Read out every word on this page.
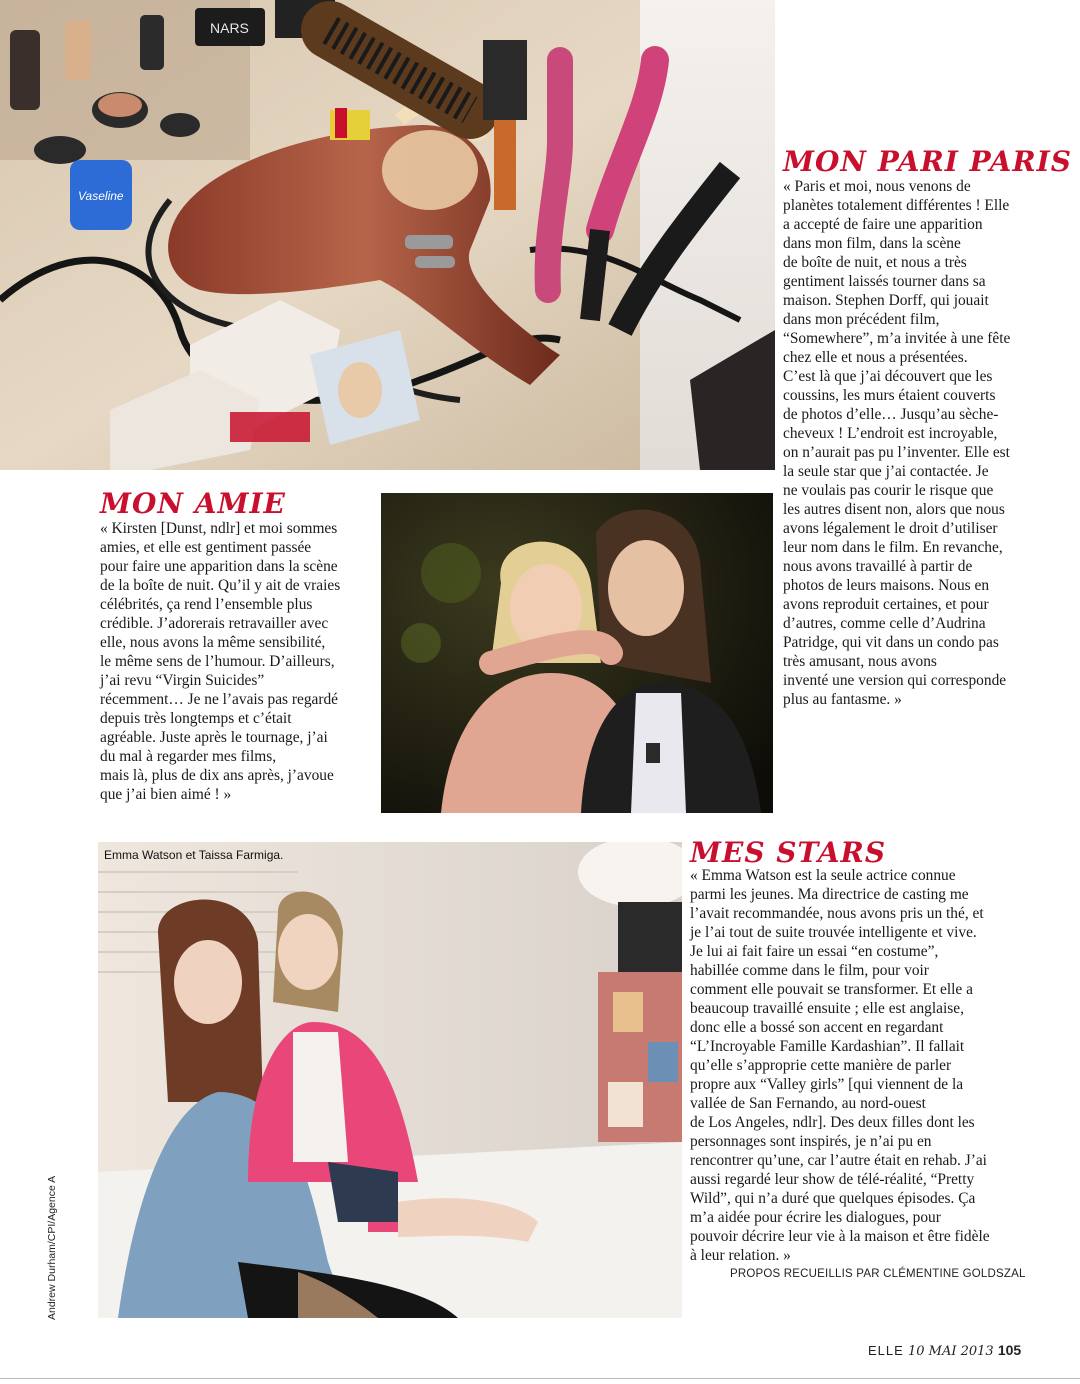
NARS
Vaseline
MON PARI PARIS
« Paris et moi, nous venons de
planètes totalement différentes ! Elle
a accepté de faire une apparition
dans mon film, dans la scène
de boîte de nuit, et nous a très
gentiment laissés tourner dans sa
maison. Stephen Dorff, qui jouait
dans mon précédent film,
“Somewhere”, m’a invitée à une fête
chez elle et nous a présentées.
C’est là que j’ai découvert que les
coussins, les murs étaient couverts
de photos d’elle… Jusqu’au sèche-
cheveux ! L’endroit est incroyable,
on n’aurait pas pu l’inventer. Elle est
la seule star que j’ai contactée. Je
ne voulais pas courir le risque que
les autres disent non, alors que nous
avons légalement le droit d’utiliser
leur nom dans le film. En revanche,
nous avons travaillé à partir de
photos de leurs maisons. Nous en
avons reproduit certaines, et pour
d’autres, comme celle d’Audrina
Patridge, qui vit dans un condo pas
très amusant, nous avons
inventé une version qui corresponde
plus au fantasme. »
MON AMIE
« Kirsten [Dunst, ndlr] et moi sommes
amies, et elle est gentiment passée
pour faire une apparition dans la scène
de la boîte de nuit. Qu’il y ait de vraies
célébrités, ça rend l’ensemble plus
crédible. J’adorerais retravailler avec
elle, nous avons la même sensibilité,
le même sens de l’humour. D’ailleurs,
j’ai revu “Virgin Suicides”
récemment… Je ne l’avais pas regardé
depuis très longtemps et c’était
agréable. Juste après le tournage, j’ai
du mal à regarder mes films,
mais là, plus de dix ans après, j’avoue
que j’ai bien aimé ! »

Emma Watson et Taissa Farmiga.	MES STARS
« Emma Watson est la seule actrice connue
parmi les jeunes. Ma directrice de casting me
l’avait recommandée, nous avons pris un thé, et
je l’ai tout de suite trouvée intelligente et vive.
Je lui ai fait faire un essai “en costume”,
habillée comme dans le film, pour voir
comment elle pouvait se transformer. Et elle a
beaucoup travaillé ensuite ; elle est anglaise,
donc elle a bossé son accent en regardant
“L’Incroyable Famille Kardashian”. Il fallait
qu’elle s’approprie cette manière de parler
propre aux “Valley girls” [qui viennent de la
vallée de San Fernando, au nord-ouest
de Los Angeles, ndlr]. Des deux filles dont les
personnages sont inspirés, je n’ai pu en
rencontrer qu’une, car l’autre était en rehab. J’ai
aussi regardé leur show de télé-réalité, “Pretty
Wild”, qui n’a duré que quelques épisodes. Ça
m’a aidée pour écrire les dialogues, pour
pouvoir décrire leur vie à la maison et être fidèle
à leur relation. »

PROPOS RECUEILLIS PAR CLÉMENTINE GOLDSZAL

Andrew Durham/CPI/Agence A

ELLE 10 MAI 2013 105
